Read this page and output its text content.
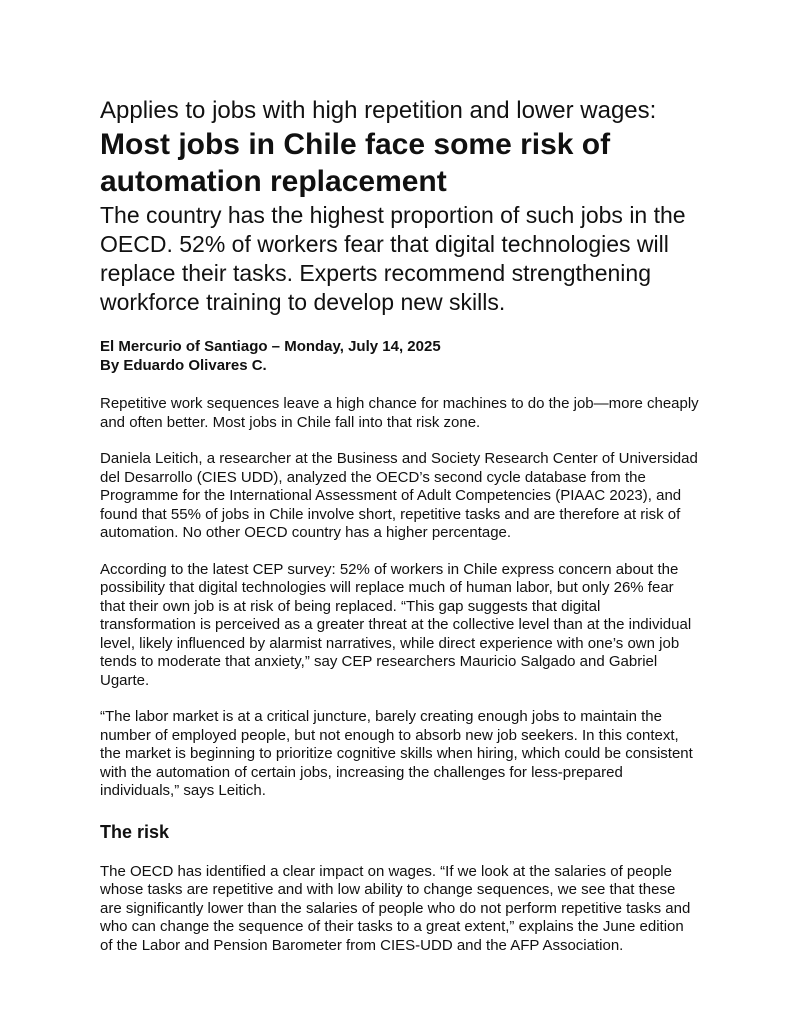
Applies to jobs with high repetition and lower wages:
Most jobs in Chile face some risk of automation replacement
The country has the highest proportion of such jobs in the OECD. 52% of workers fear that digital technologies will replace their tasks. Experts recommend strengthening workforce training to develop new skills.
El Mercurio of Santiago – Monday, July 14, 2025
By Eduardo Olivares C.

Repetitive work sequences leave a high chance for machines to do the job—more cheaply and often better. Most jobs in Chile fall into that risk zone.

Daniela Leitich, a researcher at the Business and Society Research Center of Universidad del Desarrollo (CIES UDD), analyzed the OECD’s second cycle database from the Programme for the International Assessment of Adult Competencies (PIAAC 2023), and found that 55% of jobs in Chile involve short, repetitive tasks and are therefore at risk of automation. No other OECD country has a higher percentage.

According to the latest CEP survey: 52% of workers in Chile express concern about the possibility that digital technologies will replace much of human labor, but only 26% fear that their own job is at risk of being replaced. “This gap suggests that digital transformation is perceived as a greater threat at the collective level than at the individual level, likely influenced by alarmist narratives, while direct experience with one’s own job tends to moderate that anxiety,” say CEP researchers Mauricio Salgado and Gabriel Ugarte.

“The labor market is at a critical juncture, barely creating enough jobs to maintain the number of employed people, but not enough to absorb new job seekers. In this context, the market is beginning to prioritize cognitive skills when hiring, which could be consistent with the automation of certain jobs, increasing the challenges for less-prepared individuals,” says Leitich.

The risk

The OECD has identified a clear impact on wages. “If we look at the salaries of people whose tasks are repetitive and with low ability to change sequences, we see that these are significantly lower than the salaries of people who do not perform repetitive tasks and who can change the sequence of their tasks to a great extent,” explains the June edition of the Labor and Pension Barometer from CIES-UDD and the AFP Association.
